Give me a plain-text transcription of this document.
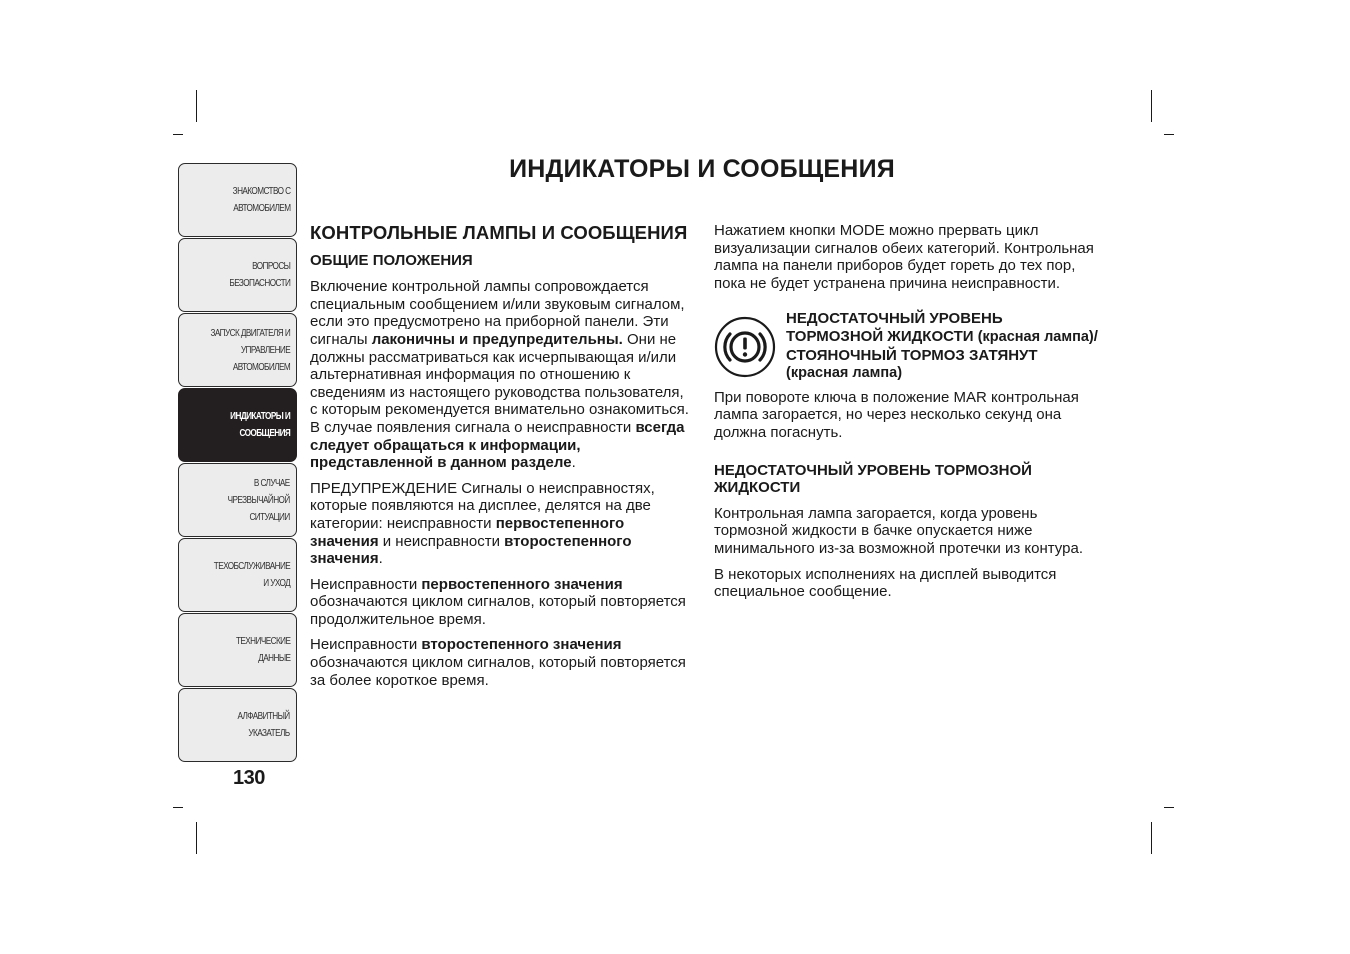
ЗНАКОМСТВО С
АВТОМОБИЛЕМ
ВОПРОСЫ
БЕЗОПАСНОСТИ
ЗАПУСК ДВИГАТЕЛЯ И
УПРАВЛЕНИЕ
АВТОМОБИЛЕМ
ИНДИКАТОРЫ И
СООБЩЕНИЯ
В СЛУЧАЕ
ЧРЕЗВЫЧАЙНОЙ
СИТУАЦИИ
ТЕХОБСЛУЖИВАНИЕ
И УХОД
ТЕХНИЧЕСКИЕ
ДАННЫЕ
АЛФАВИТНЫЙ
УКАЗАТЕЛЬ
130
ИНДИКАТОРЫ И СООБЩЕНИЯ
КОНТРОЛЬНЫЕ ЛАМПЫ И СООБЩЕНИЯ
ОБЩИЕ ПОЛОЖЕНИЯ

Включение контрольной лампы сопровождается специальным сообщением и/или звуковым сигналом, если это предусмотрено на приборной панели. Эти сигналы лаконичны и предупредительны. Они не должны рассматриваться как исчерпывающая и/или альтернативная информация по отношению к сведениям из настоящего руководства пользователя, с которым рекомендуется внимательно ознакомиться. В случае появления сигнала о неисправности всегда следует обращаться к информации, представленной в данном разделе.

ПРЕДУПРЕЖДЕНИЕ Сигналы о неисправностях, которые появляются на дисплее, делятся на две категории: неисправности первостепенного значения и неисправности второстепенного значения.

Неисправности первостепенного значения обозначаются циклом сигналов, который повторяется продолжительное время.

Неисправности второстепенного значения обозначаются циклом сигналов, который повторяется за более короткое время.

Нажатием кнопки MODE можно прервать цикл визуализации сигналов обеих категорий. Контрольная лампа на панели приборов будет гореть до тех пор, пока не будет устранена причина неисправности.

НЕДОСТАТОЧНЫЙ УРОВЕНЬ ТОРМОЗНОЙ ЖИДКОСТИ (красная лампа)/СТОЯНОЧНЫЙ ТОРМОЗ ЗАТЯНУТ (красная лампа)

При повороте ключа в положение MAR контрольная лампа загорается, но через несколько секунд она должна погаснуть.

НЕДОСТАТОЧНЫЙ УРОВЕНЬ ТОРМОЗНОЙ ЖИДКОСТИ

Контрольная лампа загорается, когда уровень тормозной жидкости в бачке опускается ниже минимального из-за возможной протечки из контура.

В некоторых исполнениях на дисплей выводится специальное сообщение.
